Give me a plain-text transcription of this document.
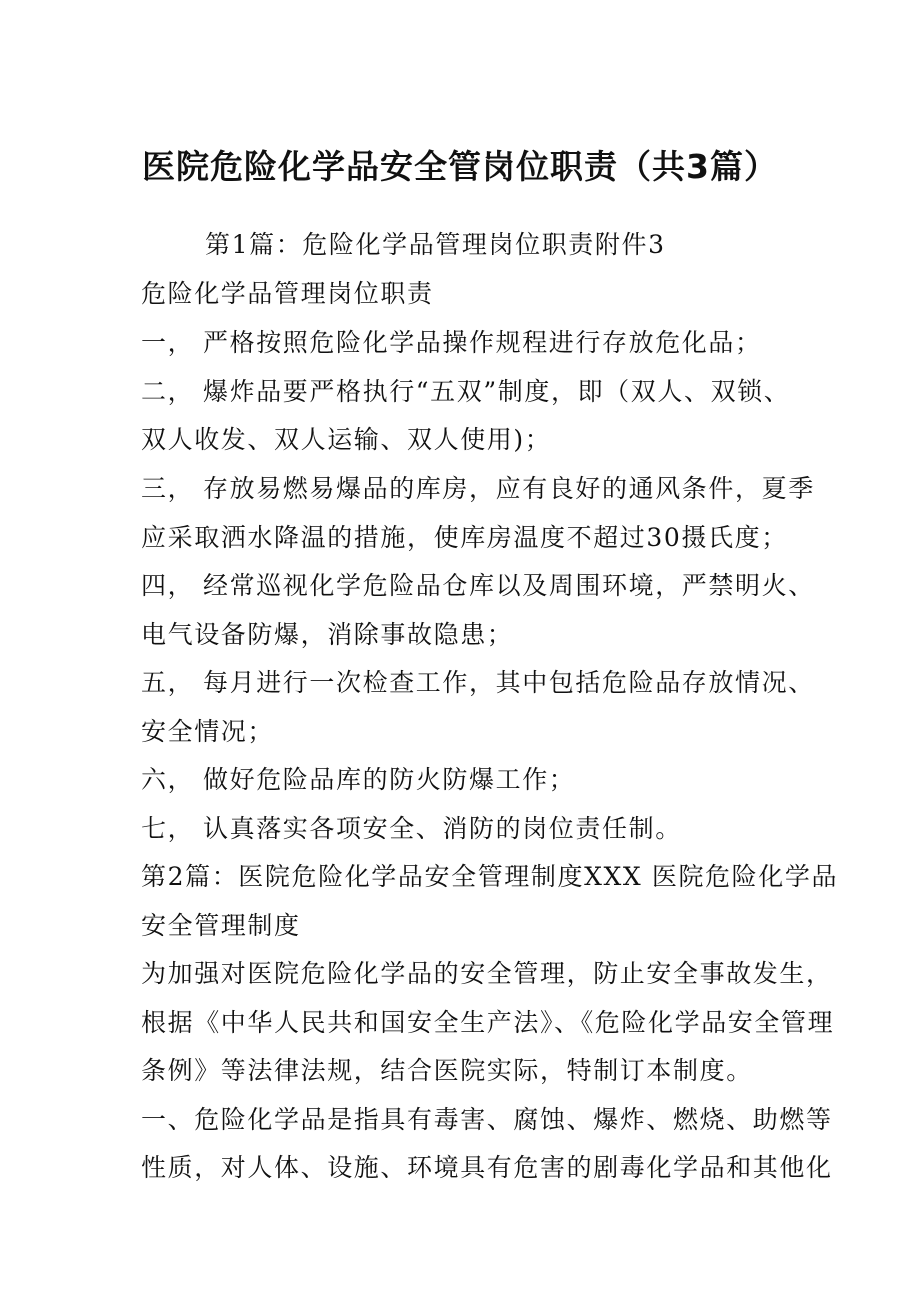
医院危险化学品安全管岗位职责（共3篇）
第1篇：危险化学品管理岗位职责附件3
危险化学品管理岗位职责
一， 严格按照危险化学品操作规程进行存放危化品；
二， 爆炸品要严格执行“五双”制度，即（双人、双锁、
双人收发、双人运输、双人使用)；
三， 存放易燃易爆品的库房，应有良好的通风条件，夏季
应采取洒水降温的措施，使库房温度不超过30摄氏度；
四， 经常巡视化学危险品仓库以及周围环境，严禁明火、
电气设备防爆，消除事故隐患；
五， 每月进行一次检查工作，其中包括危险品存放情况、
安全情况；
六， 做好危险品库的防火防爆工作；
七， 认真落实各项安全、消防的岗位责任制。
第2篇：医院危险化学品安全管理制度XXX 医院危险化学品
安全管理制度
为加强对医院危险化学品的安全管理，防止安全事故发生，
根据《中华人民共和国安全生产法》、《危险化学品安全管理
条例》等法律法规，结合医院实际，特制订本制度。
一、危险化学品是指具有毒害、腐蚀、爆炸、燃烧、助燃等
性质，对人体、设施、环境具有危害的剧毒化学品和其他化
